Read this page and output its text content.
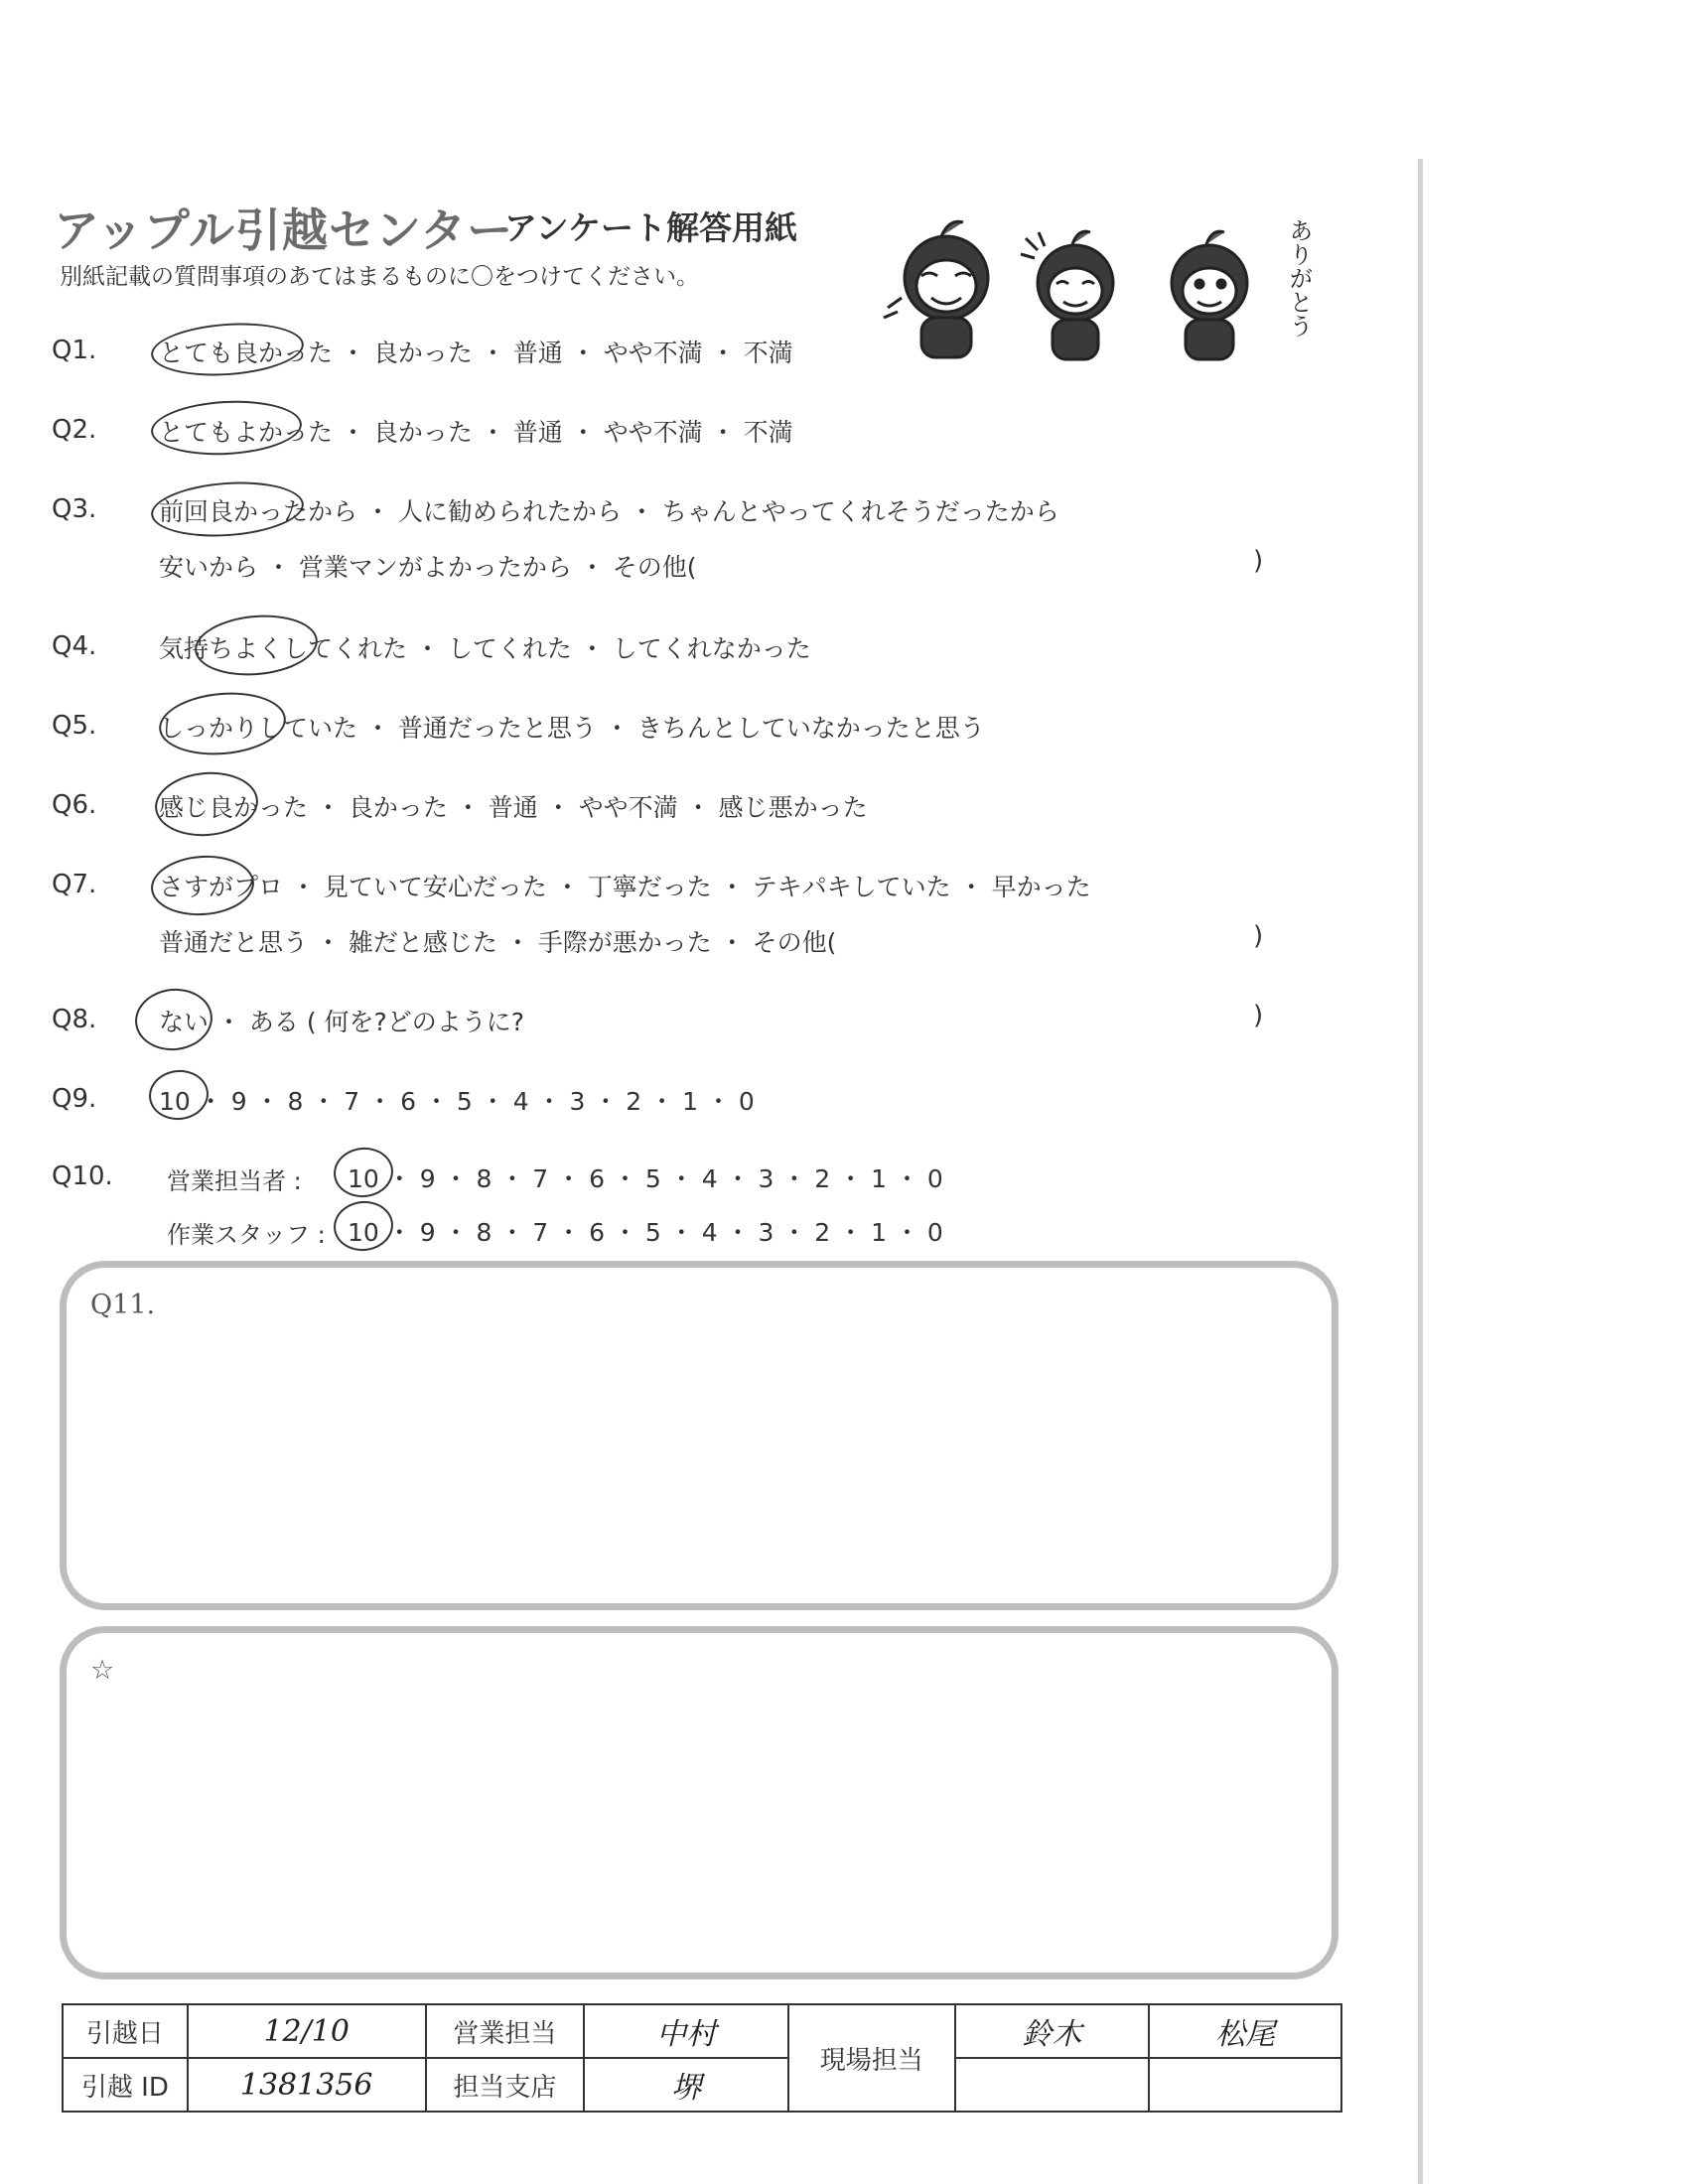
アップル引越センター
アンケート解答用紙
別紙記載の質問事項のあてはまるものに〇をつけてください。	ありがとう
Q1.	とても良かった ・ 良かった ・ 普通 ・ やや不満 ・ 不満
Q2.	とてもよかった ・ 良かった ・ 普通 ・ やや不満 ・ 不満
Q3.	前回良かったから ・ 人に勧められたから ・ ちゃんとやってくれそうだったから
安いから ・ 営業マンがよかったから ・ その他(	)
Q4.	気持ちよくしてくれた ・ してくれた ・ してくれなかった
Q5.	しっかりしていた ・ 普通だったと思う ・ きちんとしていなかったと思う
Q6.	感じ良かった ・ 良かった ・ 普通 ・ やや不満 ・ 感じ悪かった
Q7.	さすがプロ ・ 見ていて安心だった ・ 丁寧だった ・ テキパキしていた ・ 早かった
普通だと思う ・ 雑だと感じた ・ 手際が悪かった ・ その他(	)
Q8.	ない ・ ある ( 何を?どのように?	)
Q9.	10 ・ 9 ・ 8 ・ 7 ・ 6 ・ 5 ・ 4 ・ 3 ・ 2 ・ 1 ・ 0
Q10. 営業担当者 : 10 ・ 9 ・ 8 ・ 7 ・ 6 ・ 5 ・ 4 ・ 3 ・ 2 ・ 1 ・ 0
作業スタッフ : 10 ・ 9 ・ 8 ・ 7 ・ 6 ・ 5 ・ 4 ・ 3 ・ 2 ・ 1 ・ 0
Q11.
☆
引越日	12/10	営業担当	中村	現場担当	鈴木	松尾
引越 ID	1381356	担当支店	堺			
